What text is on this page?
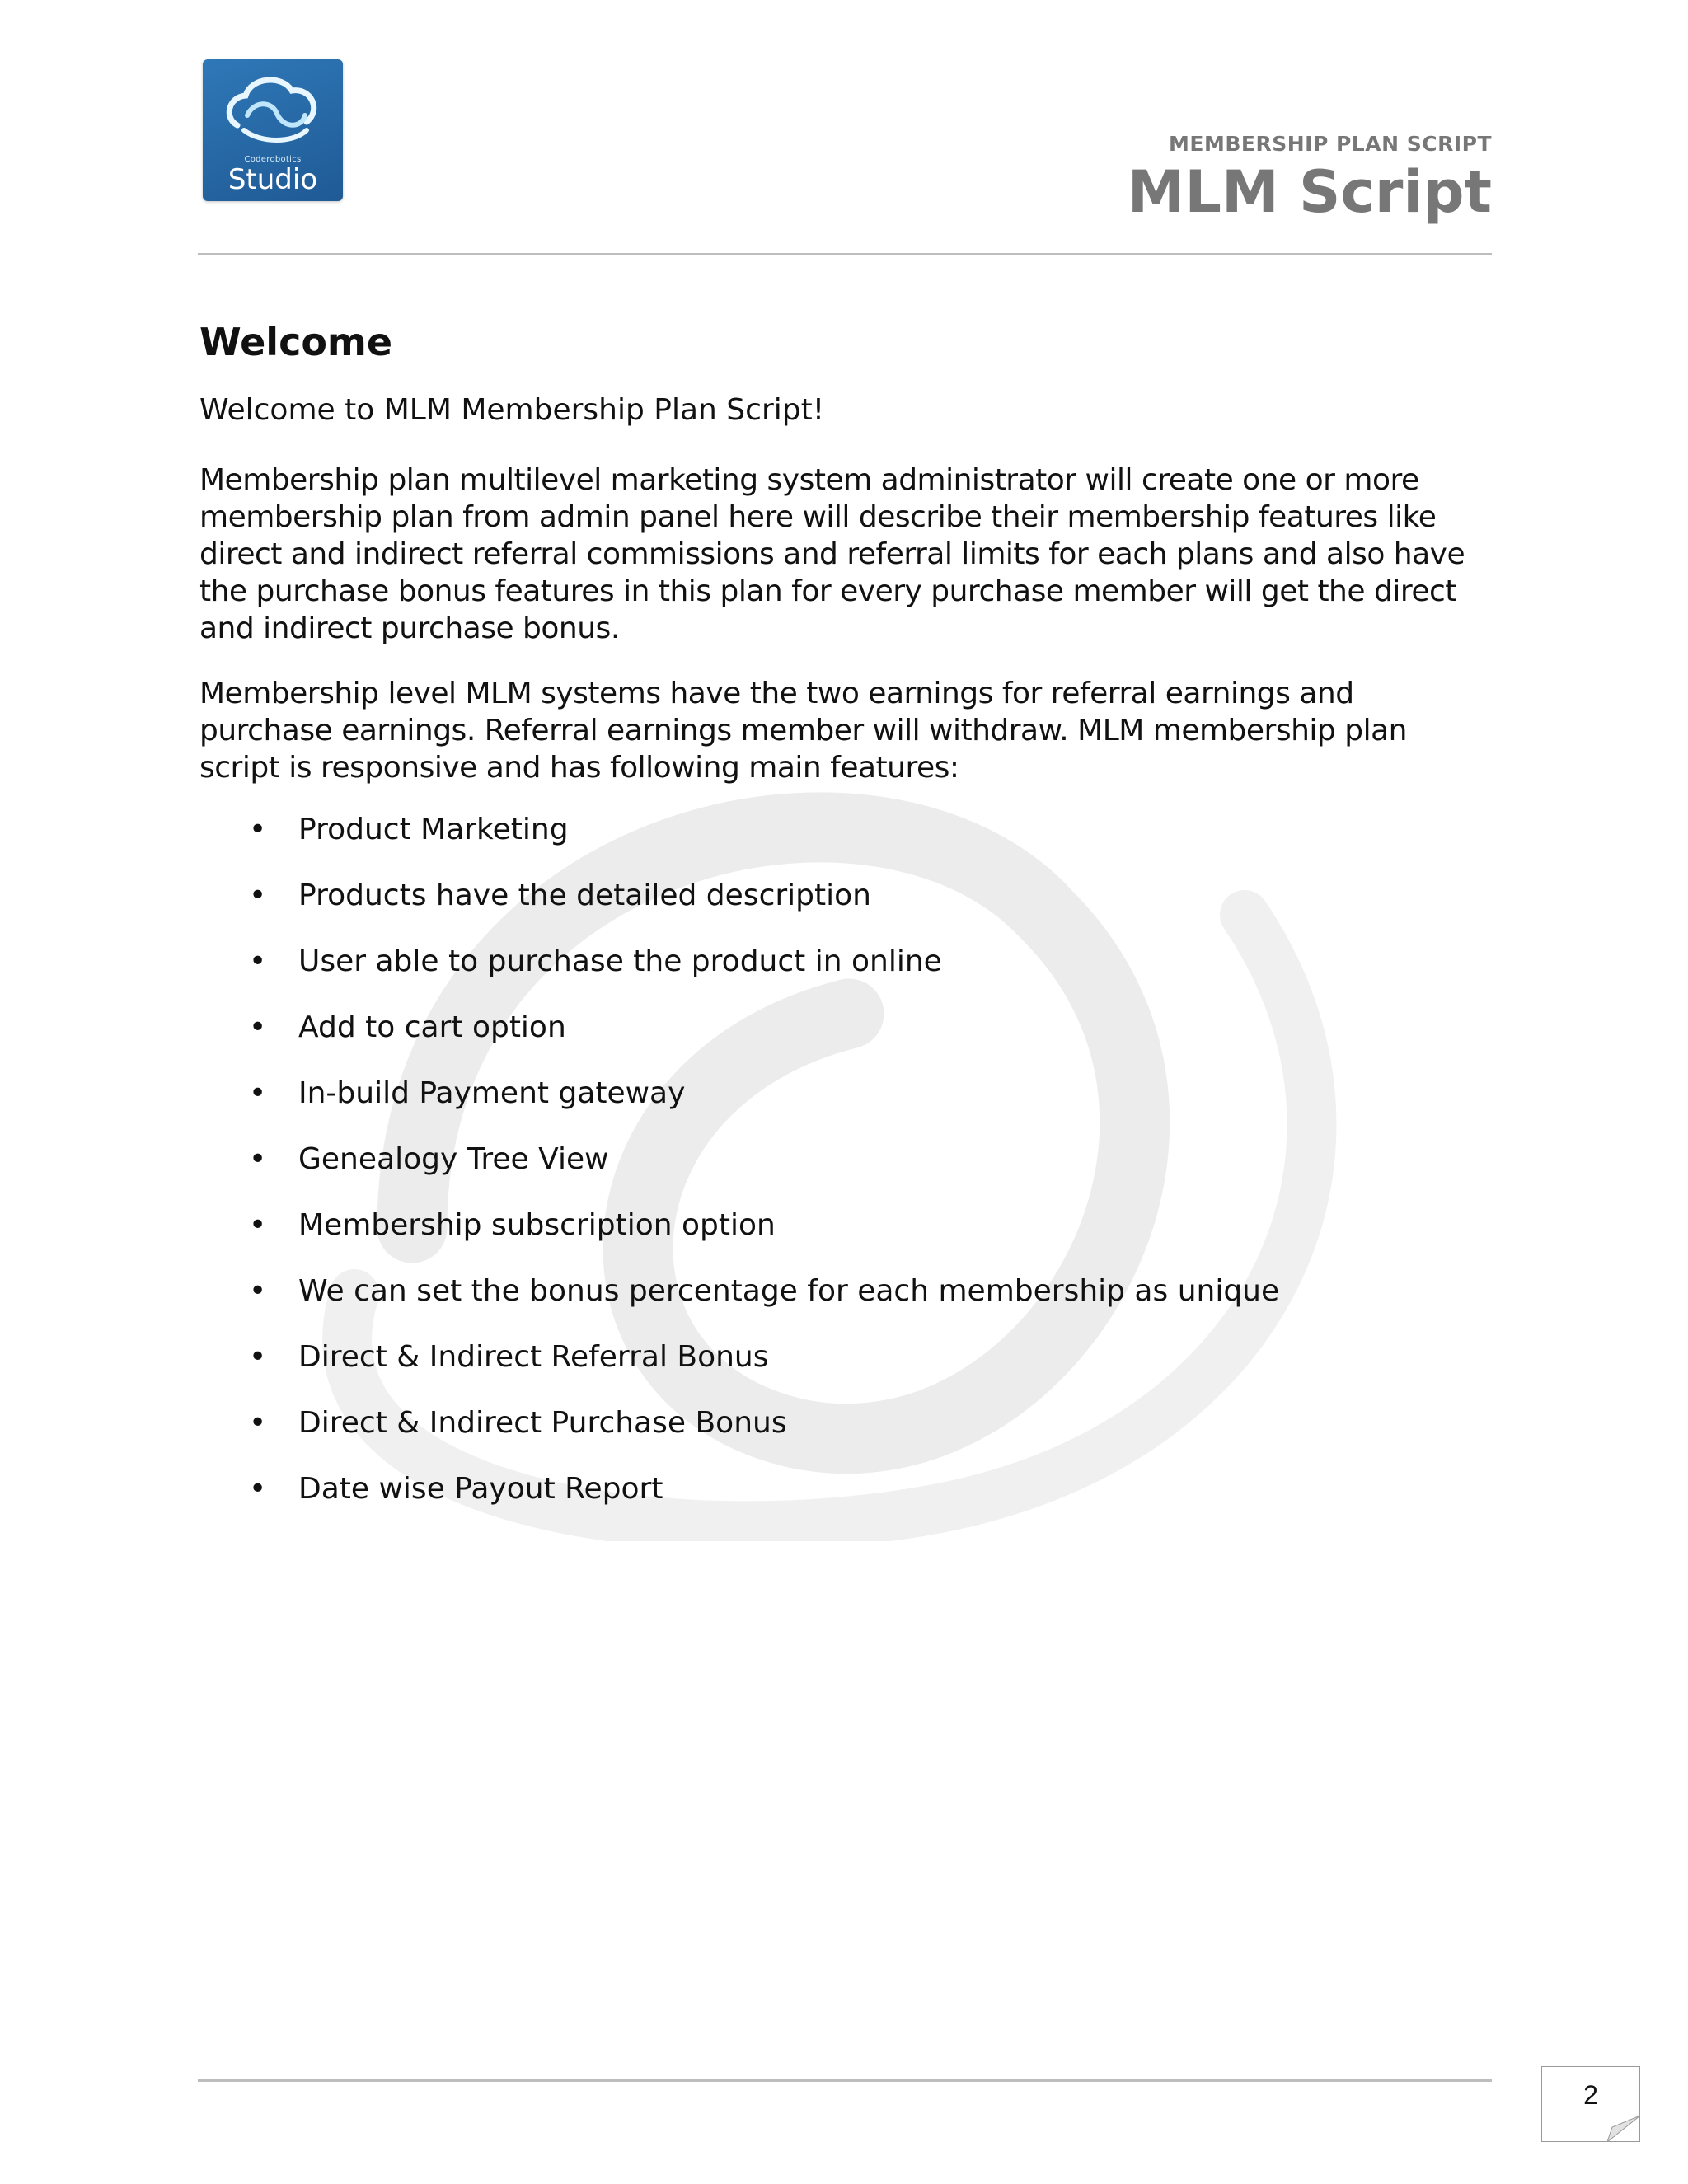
Coderobotics
Studio
MEMBERSHIP PLAN SCRIPT
MLM Script
Welcome

Welcome to MLM Membership Plan Script!

Membership plan multilevel marketing system administrator will create one or more membership plan from admin panel here will describe their membership features like direct and indirect referral commissions and referral limits for each plans and also have the purchase bonus features in this plan for every purchase member will get the direct and indirect purchase bonus.

Membership level MLM systems have the two earnings for referral earnings and purchase earnings. Referral earnings member will withdraw. MLM membership plan script is responsive and has following main features:

• Product Marketing
• Products have the detailed description
• User able to purchase the product in online
• Add to cart option
• In-build Payment gateway
• Genealogy Tree View
• Membership subscription option
• We can set the bonus percentage for each membership as unique
• Direct & Indirect Referral Bonus
• Direct & Indirect Purchase Bonus
• Date wise Payout Report
2
